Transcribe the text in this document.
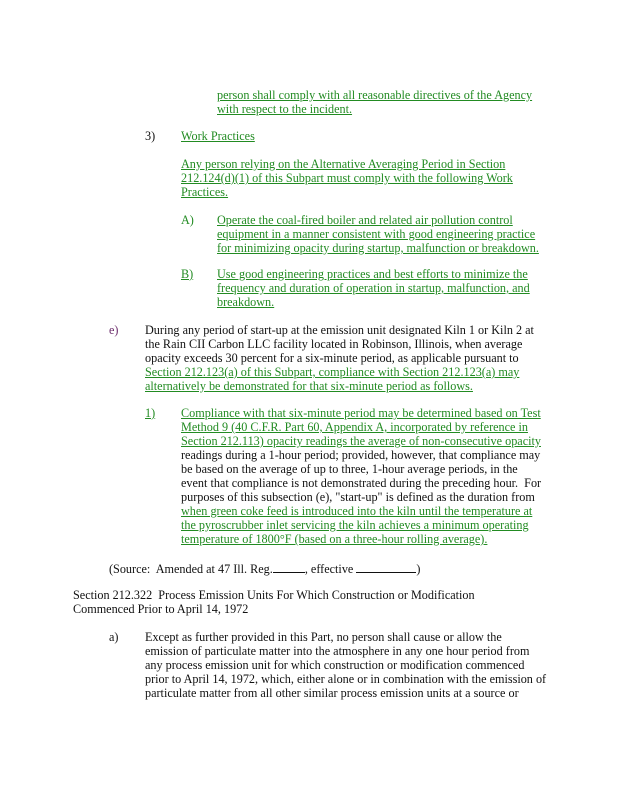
person shall comply with all reasonable directives of the Agency
with respect to the incident.
3) Work Practices
Any person relying on the Alternative Averaging Period in Section
212.124(d)(1) of this Subpart must comply with the following Work
Practices.
A) Operate the coal-fired boiler and related air pollution control
equipment in a manner consistent with good engineering practice
for minimizing opacity during startup, malfunction or breakdown.
B) Use good engineering practices and best efforts to minimize the
frequency and duration of operation in startup, malfunction, and
breakdown.
e) During any period of start-up at the emission unit designated Kiln 1 or Kiln 2 at
the Rain CII Carbon LLC facility located in Robinson, Illinois, when average
opacity exceeds 30 percent for a six-minute period, as applicable pursuant to
Section 212.123(a) of this Subpart, compliance with Section 212.123(a) may
alternatively be demonstrated for that six-minute period as follows.
1) Compliance with that six-minute period may be determined based on Test
Method 9 (40 C.F.R. Part 60, Appendix A, incorporated by reference in
Section 212.113) opacity readings the average of non-consecutive opacity
readings during a 1-hour period; provided, however, that compliance may
be based on the average of up to three, 1-hour average periods, in the
event that compliance is not demonstrated during the preceding hour.  For
purposes of this subsection (e), "start-up" is defined as the duration from
when green coke feed is introduced into the kiln until the temperature at
the pyroscrubber inlet servicing the kiln achieves a minimum operating
temperature of 1800°F (based on a three-hour rolling average).
(Source:  Amended at 47 Ill. Reg.	, effective	)
Section 212.322  Process Emission Units For Which Construction or Modification
Commenced Prior to April 14, 1972
a) Except as further provided in this Part, no person shall cause or allow the
emission of particulate matter into the atmosphere in any one hour period from
any process emission unit for which construction or modification commenced
prior to April 14, 1972, which, either alone or in combination with the emission of
particulate matter from all other similar process emission units at a source or
